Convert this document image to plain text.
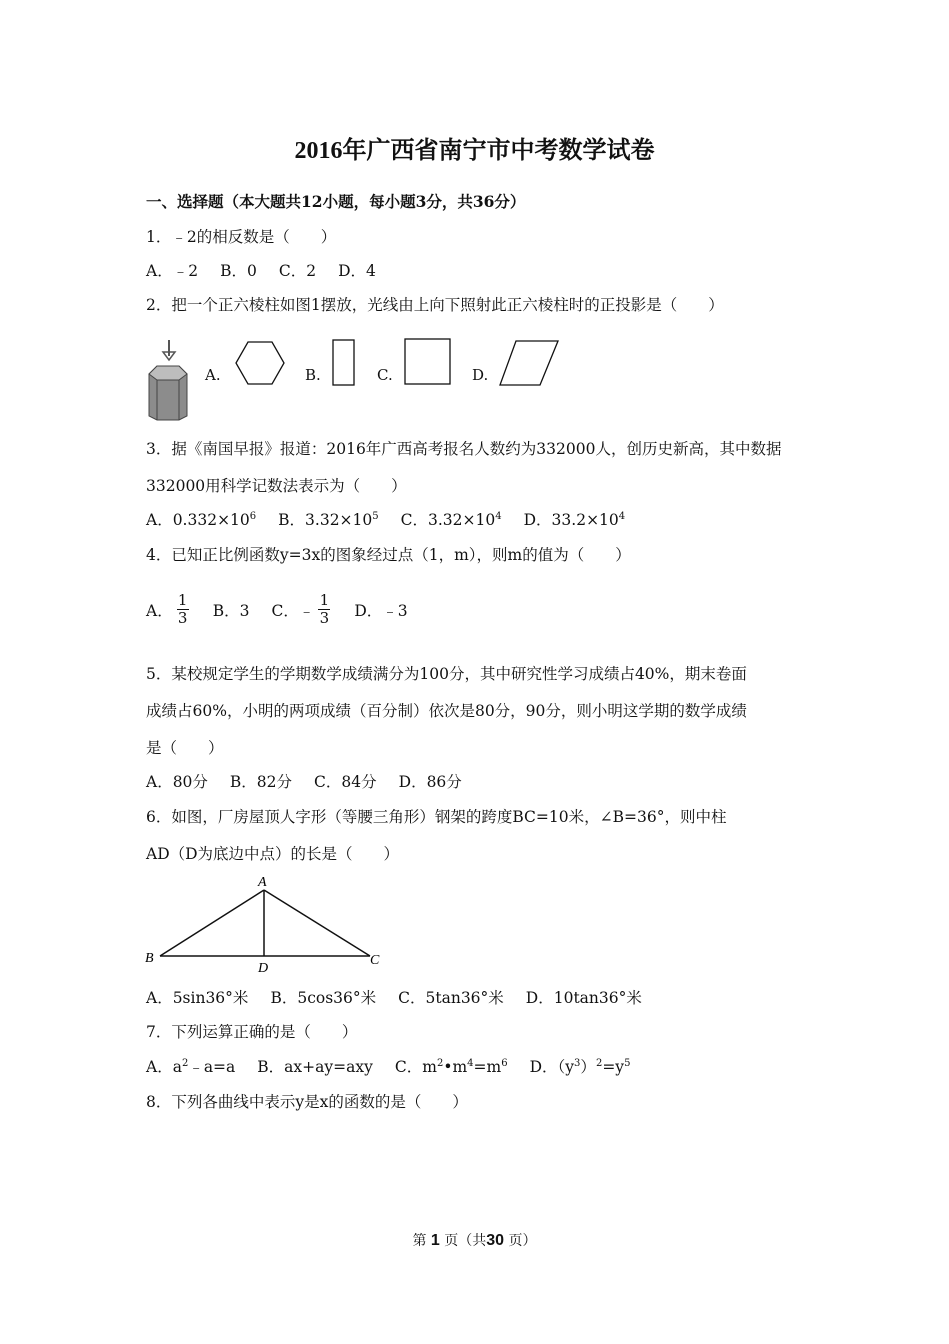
2016年广西省南宁市中考数学试卷
一、选择题（本大题共12小题，每小题3分，共36分）
1．﹣2的相反数是（　　）
A．﹣2 B．0 C．2 D．4
2．把一个正六棱柱如图1摆放，光线由上向下照射此正六棱柱时的正投影是（　　）
A.	B.	C.	D.
3．据《南国早报》报道：2016年广西高考报名人数约为332000人，创历史新高，其中数据
332000用科学记数法表示为（　　）
A．$0.332\times 10^6$ B．$3.32\times 10^5$ C．$3.32\times 10^4$ D．$33.2\times 10^4$
4．已知正比例函数y=3x的图象经过点（1，m），则m的值为（　　）
A． $\frac{1}{3}$ B．3 C．﹣ $\frac{1}{3}$ D．﹣3
5．某校规定学生的学期数学成绩满分为100分，其中研究性学习成绩占40%，期末卷面
成绩占60%，小明的两项成绩（百分制）依次是80分，90分，则小明这学期的数学成绩
是（　　）
A．80分 B．82分 C．84分 D．86分
6．如图，厂房屋顶人字形（等腰三角形）钢架的跨度BC=10米，∠B=36°，则中柱
AD（D为底边中点）的长是（　　）
A
B	C
D
A．5sin36°米 B．5cos36°米 C．5tan36°米 D．10tan36°米
7．下列运算正确的是（　　）
A．$a^2﹣a=a$ B．ax+ay=axy C．$m^2•m^4=m^6$ D．$(y^3)^2=y^5$
8．下列各曲线中表示y是x的函数的是（　　）
第 1 页（共30 页）
